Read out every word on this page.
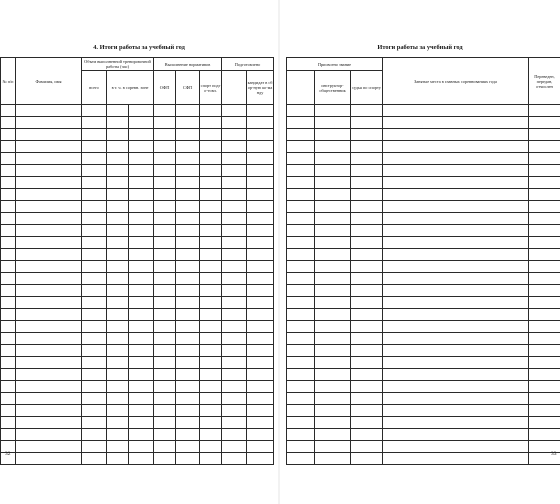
4. Итоги работы за учебный год
№ п/п	Фамилия, имя	Объем выполненной тренировочной работы (час)			Выполнение нормативов			Подготовлено	
		всего	в т. ч. в соревн. зоне		ОФП	СФП	спорт подго-товл.		кандидат в сбор-ную ко-манду

32
Итоги работы за учебный год
Присвоено звание			Занятые места в главных соревнованиях года	Переведен, передан, отчислен
	инструктор-общественник	судья по спорту		

33
